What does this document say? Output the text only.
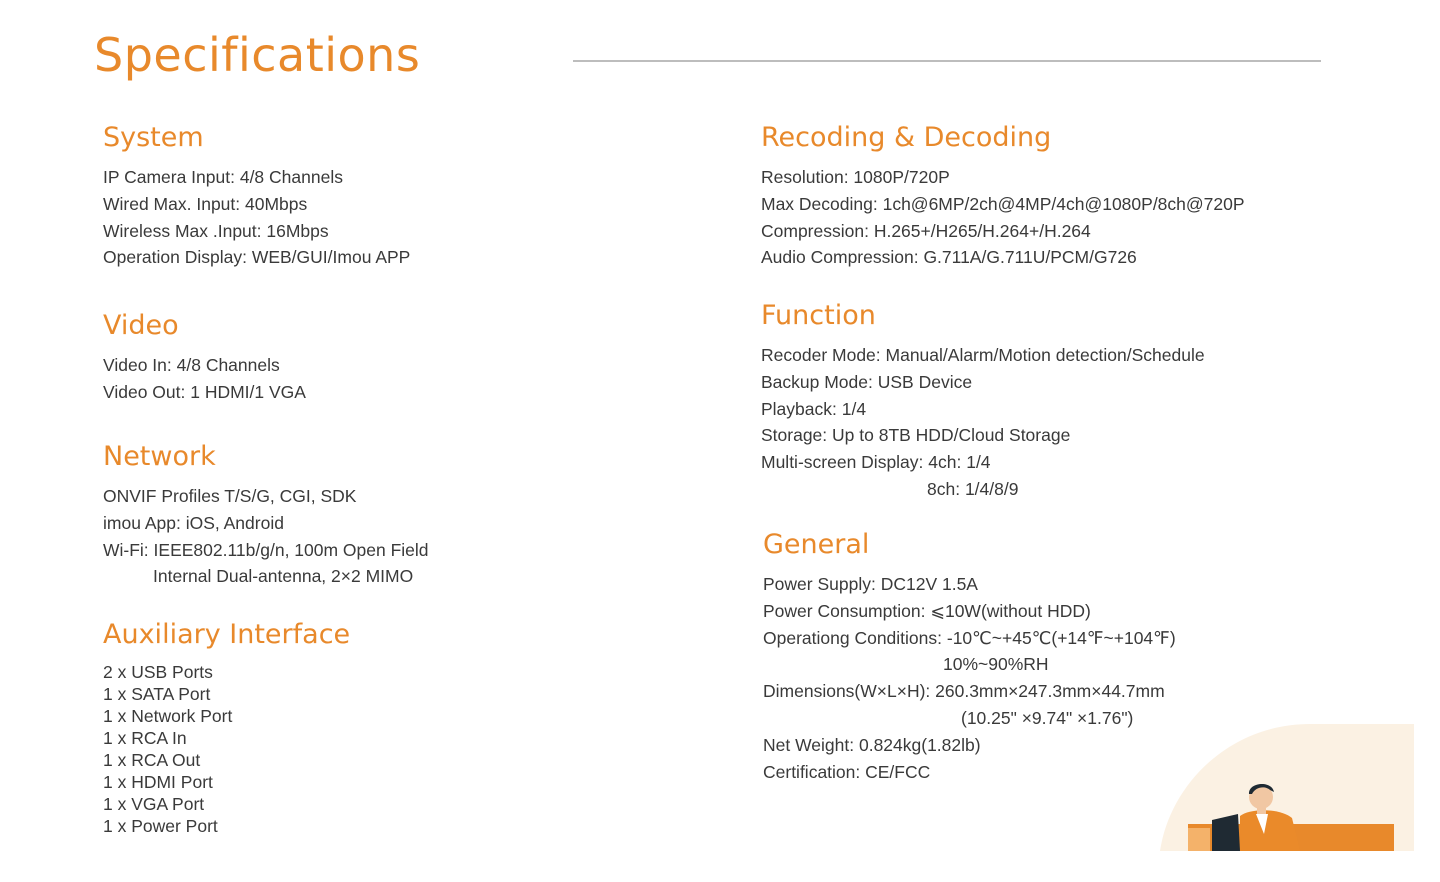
Specifications
System
IP Camera Input: 4/8 Channels
Wired Max. Input: 40Mbps
Wireless Max .Input: 16Mbps
Operation Display: WEB/GUI/Imou APP
Video
Video In: 4/8 Channels
Video Out: 1 HDMI/1 VGA
Network
ONVIF Profiles T/S/G, CGI, SDK
imou App: iOS, Android
Wi-Fi: IEEE802.11b/g/n, 100m Open Field
Internal Dual-antenna, 2×2 MIMO
Auxiliary Interface
2 x USB Ports
1 x SATA Port
1 x Network Port
1 x RCA In
1 x RCA Out
1 x HDMI Port
1 x VGA Port
1 x Power Port
Recoding & Decoding
Resolution: 1080P/720P
Max Decoding: 1ch@6MP/2ch@4MP/4ch@1080P/8ch@720P
Compression: H.265+/H265/H.264+/H.264
Audio Compression: G.711A/G.711U/PCM/G726
Function
Recoder Mode: Manual/Alarm/Motion detection/Schedule
Backup Mode: USB Device
Playback: 1/4
Storage: Up to 8TB HDD/Cloud Storage
Multi-screen Display: 4ch: 1/4
8ch: 1/4/8/9
General
Power Supply: DC12V 1.5A
Power Consumption: ⩽10W(without HDD)
Operationg Conditions: -10℃~+45℃(+14℉~+104℉)
10%~90%RH
Dimensions(W×L×H): 260.3mm×247.3mm×44.7mm
(10.25" ×9.74" ×1.76")
Net Weight: 0.824kg(1.82lb)
Certification: CE/FCC
